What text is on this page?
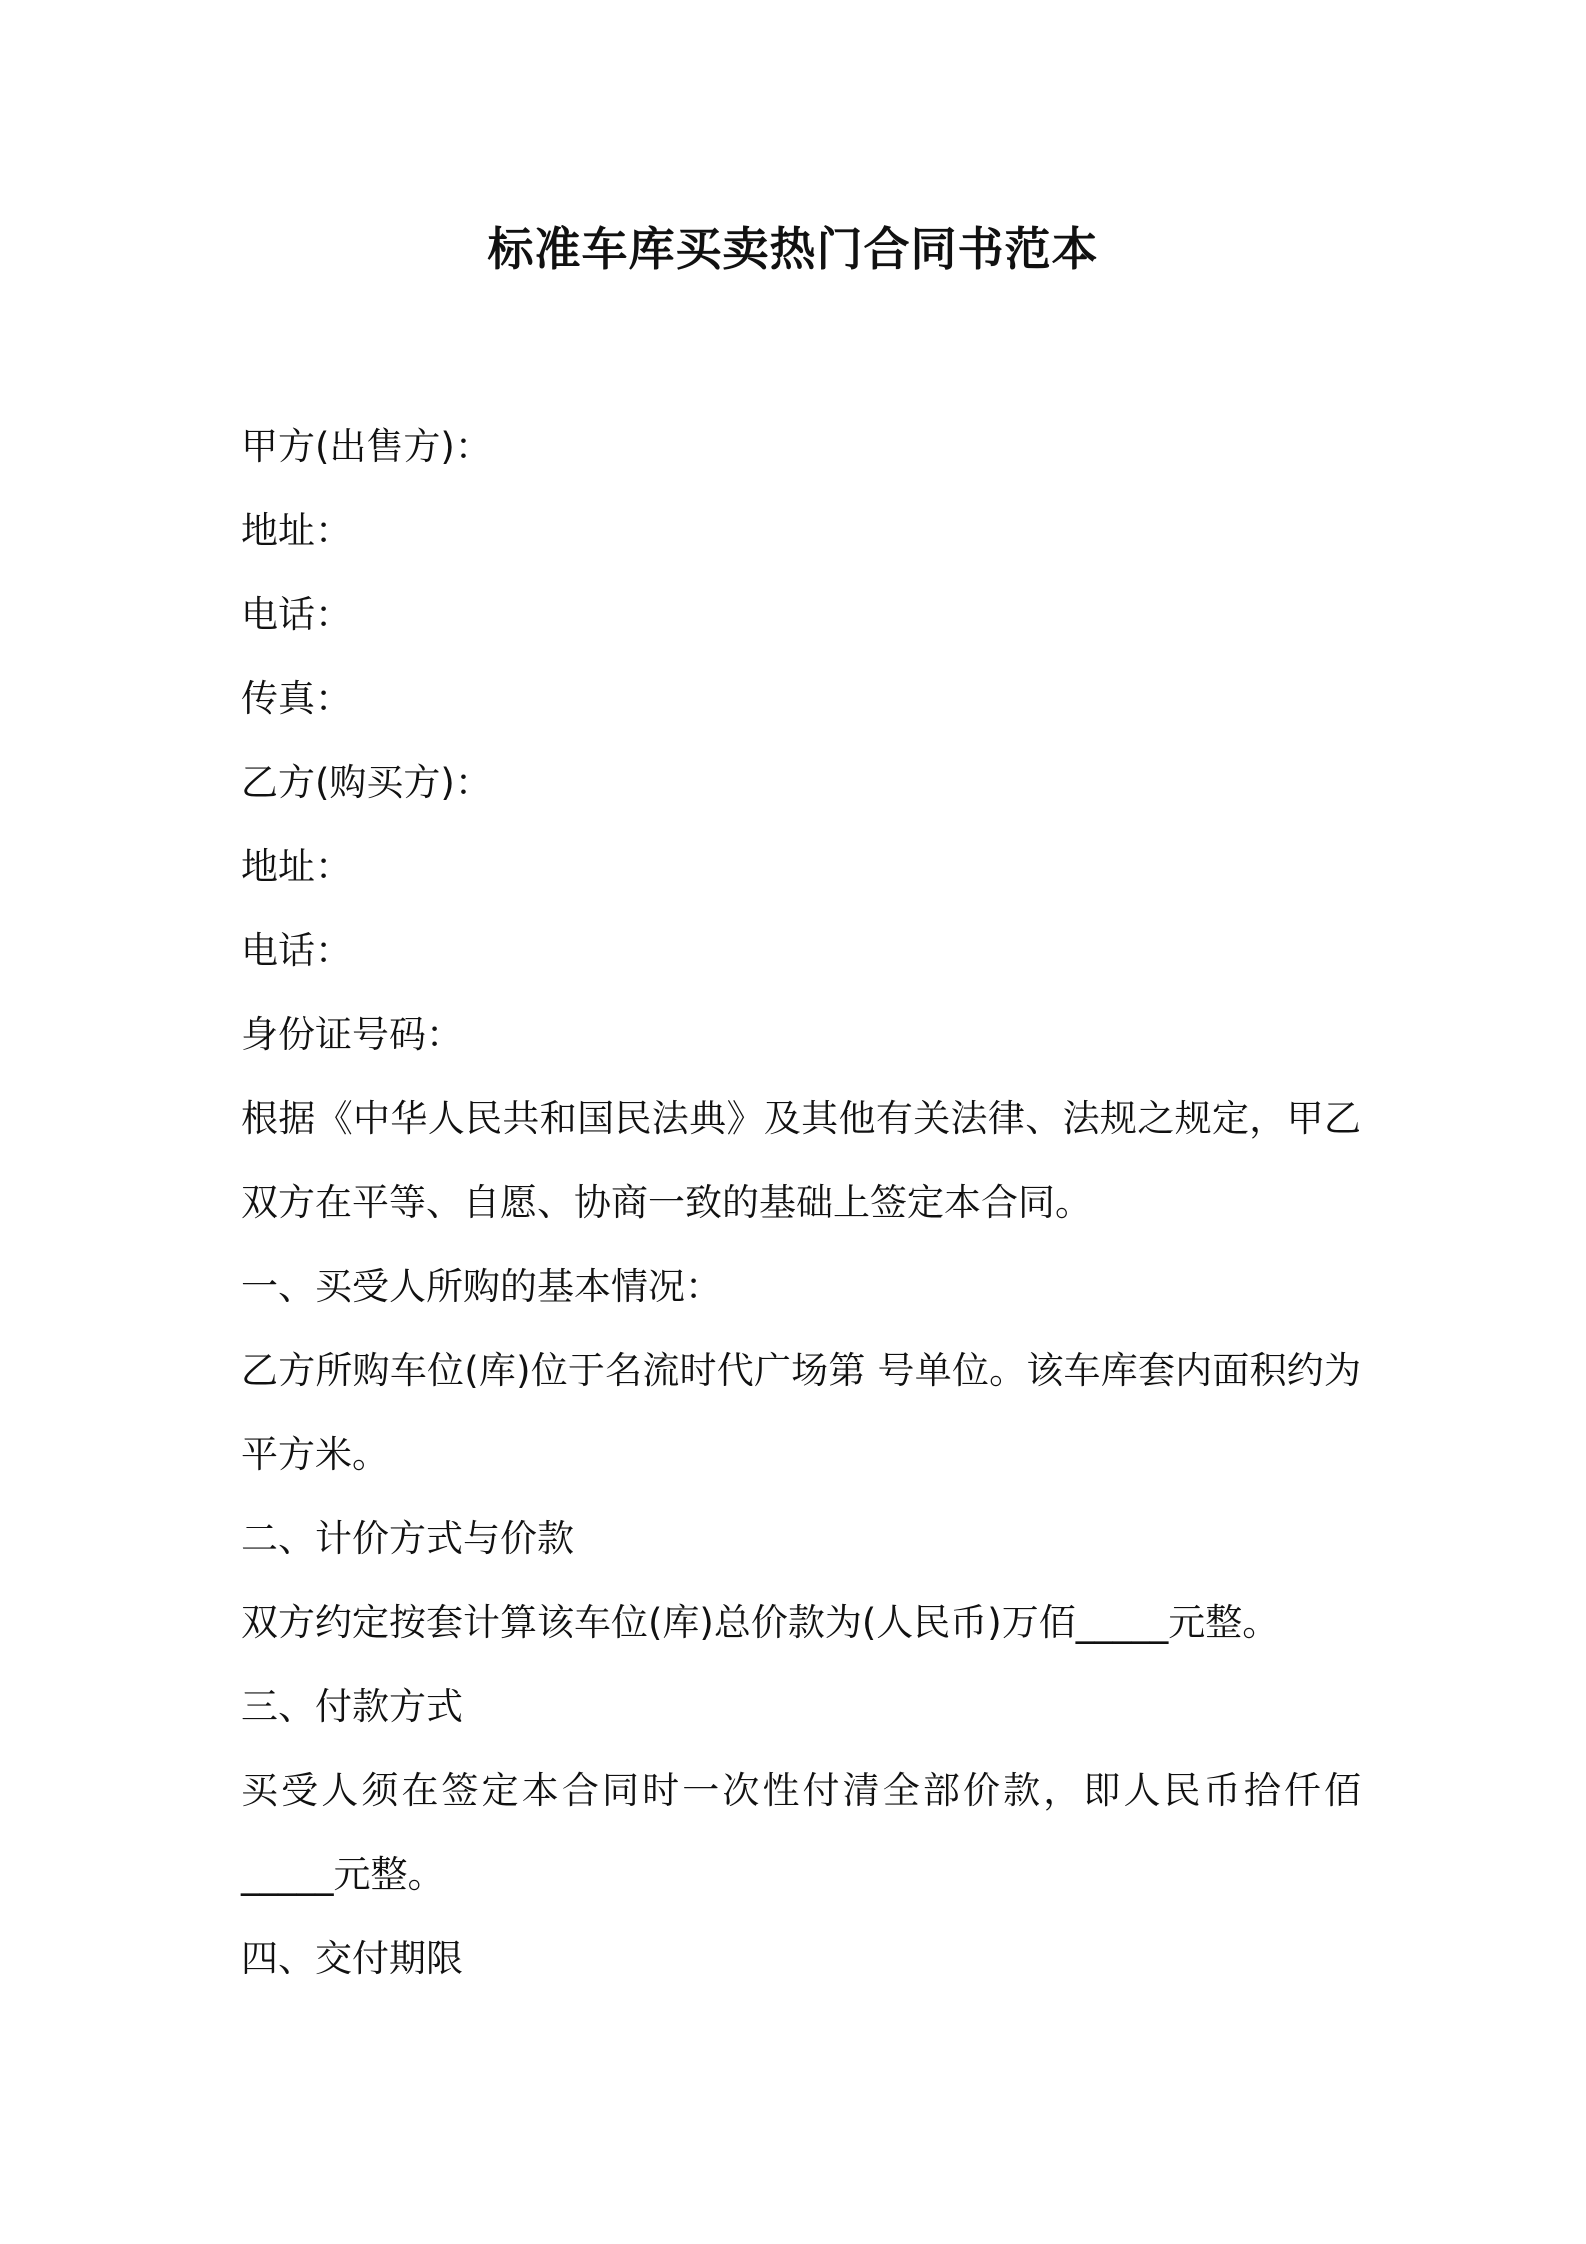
标准车库买卖热门合同书范本
甲方(出售方)：
地址：
电话：
传真：
乙方(购买方)：
地址：
电话：
身份证号码：
根据《中华人民共和国民法典》及其他有关法律、法规之规定，甲乙双方在平等、自愿、协商一致的基础上签定本合同。
一、买受人所购的基本情况：
乙方所购车位(库)位于名流时代广场第 号单位。该车库套内面积约为 平方米。
二、计价方式与价款
双方约定按套计算该车位(库)总价款为(人民币)万佰_____元整。
三、付款方式
买受人须在签定本合同时一次性付清全部价款，即人民币拾仟佰_____元整。
四、交付期限
